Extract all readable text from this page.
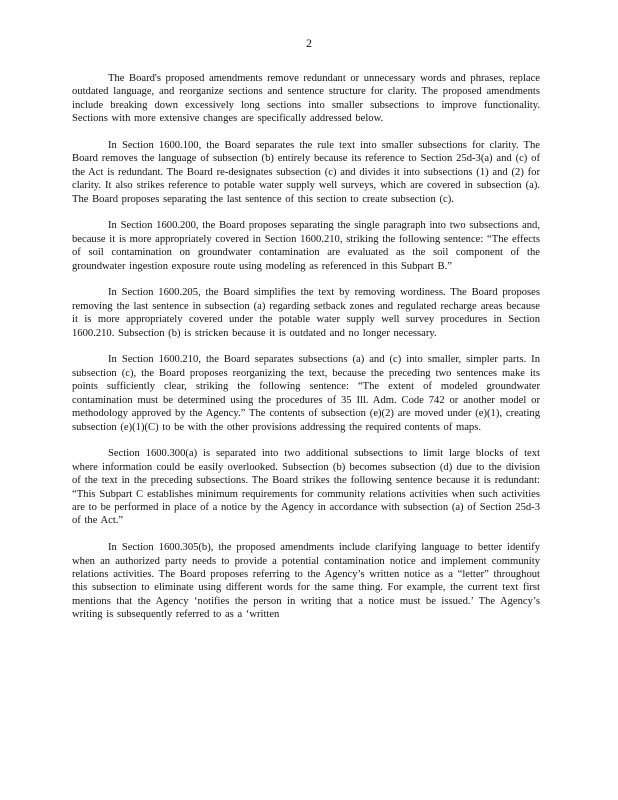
2

The Board's proposed amendments remove redundant or unnecessary words and phrases, replace outdated language, and reorganize sections and sentence structure for clarity. The proposed amendments include breaking down excessively long sections into smaller subsections to improve functionality. Sections with more extensive changes are specifically addressed below.

In Section 1600.100, the Board separates the rule text into smaller subsections for clarity. The Board removes the language of subsection (b) entirely because its reference to Section 25d-3(a) and (c) of the Act is redundant. The Board re-designates subsection (c) and divides it into subsections (1) and (2) for clarity. It also strikes reference to potable water supply well surveys, which are covered in subsection (a). The Board proposes separating the last sentence of this section to create subsection (c).

In Section 1600.200, the Board proposes separating the single paragraph into two subsections and, because it is more appropriately covered in Section 1600.210, striking the following sentence: “The effects of soil contamination on groundwater contamination are evaluated as the soil component of the groundwater ingestion exposure route using modeling as referenced in this Subpart B.”

In Section 1600.205, the Board simplifies the text by removing wordiness. The Board proposes removing the last sentence in subsection (a) regarding setback zones and regulated recharge areas because it is more appropriately covered under the potable water supply well survey procedures in Section 1600.210. Subsection (b) is stricken because it is outdated and no longer necessary.

In Section 1600.210, the Board separates subsections (a) and (c) into smaller, simpler parts. In subsection (c), the Board proposes reorganizing the text, because the preceding two sentences make its points sufficiently clear, striking the following sentence: “The extent of modeled groundwater contamination must be determined using the procedures of 35 Ill. Adm. Code 742 or another model or methodology approved by the Agency.” The contents of subsection (e)(2) are moved under (e)(1), creating subsection (e)(1)(C) to be with the other provisions addressing the required contents of maps.

Section 1600.300(a) is separated into two additional subsections to limit large blocks of text where information could be easily overlooked. Subsection (b) becomes subsection (d) due to the division of the text in the preceding subsections. The Board strikes the following sentence because it is redundant: “This Subpart C establishes minimum requirements for community relations activities when such activities are to be performed in place of a notice by the Agency in accordance with subsection (a) of Section 25d-3 of the Act.”

In Section 1600.305(b), the proposed amendments include clarifying language to better identify when an authorized party needs to provide a potential contamination notice and implement community relations activities. The Board proposes referring to the Agency’s written notice as a “letter” throughout this subsection to eliminate using different words for the same thing. For example, the current text first mentions that the Agency ‘notifies the person in writing that a notice must be issued.’ The Agency’s writing is subsequently referred to as a ‘written
